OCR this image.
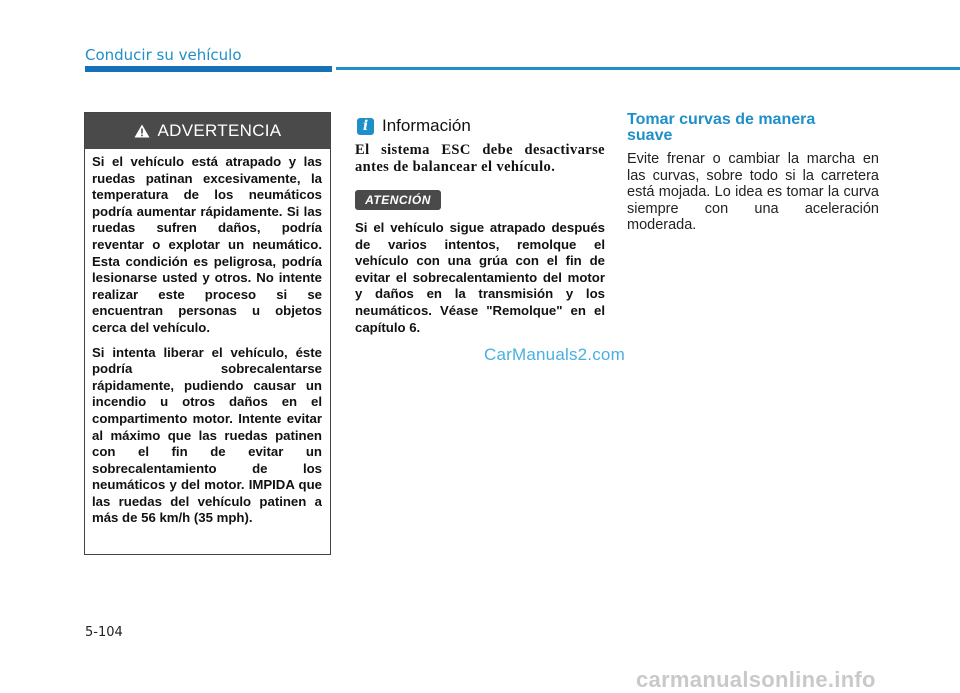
Conducir su vehículo
ADVERTENCIA

Si el vehículo está atrapado y las ruedas patinan excesivamente, la temperatura de los neumáticos podría aumentar rápidamente. Si las ruedas sufren daños, podría reventar o explotar un neumático. Esta condición es peligrosa, podría lesionarse usted y otros. No intente realizar este proceso si se encuentran personas u objetos cerca del vehículo.

Si intenta liberar el vehículo, éste podría sobrecalentarse rápidamente, pudiendo causar un incendio u otros daños en el compartimento motor. Intente evitar al máximo que las ruedas patinen con el fin de evitar un sobrecalentamiento de los neumáticos y del motor. IMPIDA que las ruedas del vehículo patinen a más de 56 km/h (35 mph).

i Información

El sistema ESC debe desactivarse antes de balancear el vehículo.

ATENCIÓN

Si el vehículo sigue atrapado después de varios intentos, remolque el vehículo con una grúa con el fin de evitar el sobrecalentamiento del motor y daños en la transmisión y los neumáticos. Véase "Remolque" en el capítulo 6.

CarManuals2.com
Tomar curvas de manera suave

Evite frenar o cambiar la marcha en las curvas, sobre todo si la carretera está mojada. Lo idea es tomar la curva siempre con una aceleración moderada.

5-104
carmanualsonline.info
